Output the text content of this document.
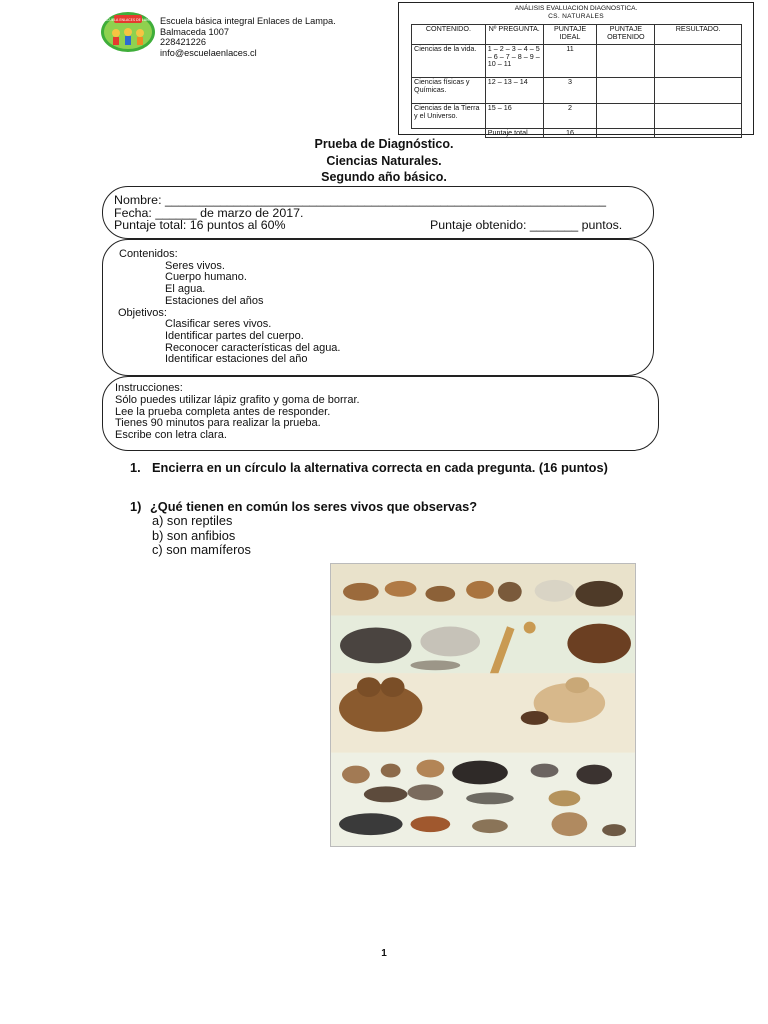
ESCUELA ENLACES DE LAMPA Escuela básica integral Enlaces de Lampa.
Balmaceda 1007
228421226
info@escuelaenlaces.cl
ANÁLISIS EVALUACION DIAGNOSTICA.
CS. NATURALES
CONTENIDO.	Nº PREGUNTA.	PUNTAJE IDEAL	PUNTAJE OBTENIDO	RESULTADO.
Ciencias de la vida.	1 – 2 – 3 – 4 – 5 – 6 – 7 – 8 – 9 – 10 – 11	11		
Ciencias físicas y Químicas.	12 – 13 – 14	3		
Ciencias de la Tierra y el Universo.	15 – 16	2		
	Puntaje total.	16		
Prueba de Diagnóstico.
Ciencias Naturales.
Segundo año básico.
Nombre: ________________________________________________________________
Fecha: ______ de marzo de 2017.
Puntaje total: 16 puntos al 60%	Puntaje obtenido: _______ puntos.
Contenidos:
Seres vivos.
Cuerpo humano.
El agua.
Estaciones del años
Objetivos:
Clasificar seres vivos.
Identificar partes del cuerpo.
Reconocer características del agua.
Identificar estaciones del año
Instrucciones:
Sólo puedes utilizar lápiz grafito y goma de borrar.
Lee la prueba completa antes de responder.
Tienes 90 minutos para realizar la prueba.
Escribe con letra clara.
1. Encierra en un círculo la alternativa correcta en cada pregunta. (16 puntos)
1) ¿Qué tienen en común los seres vivos que observas?
a) son reptiles
b) son anfibios
c) son mamíferos
1
